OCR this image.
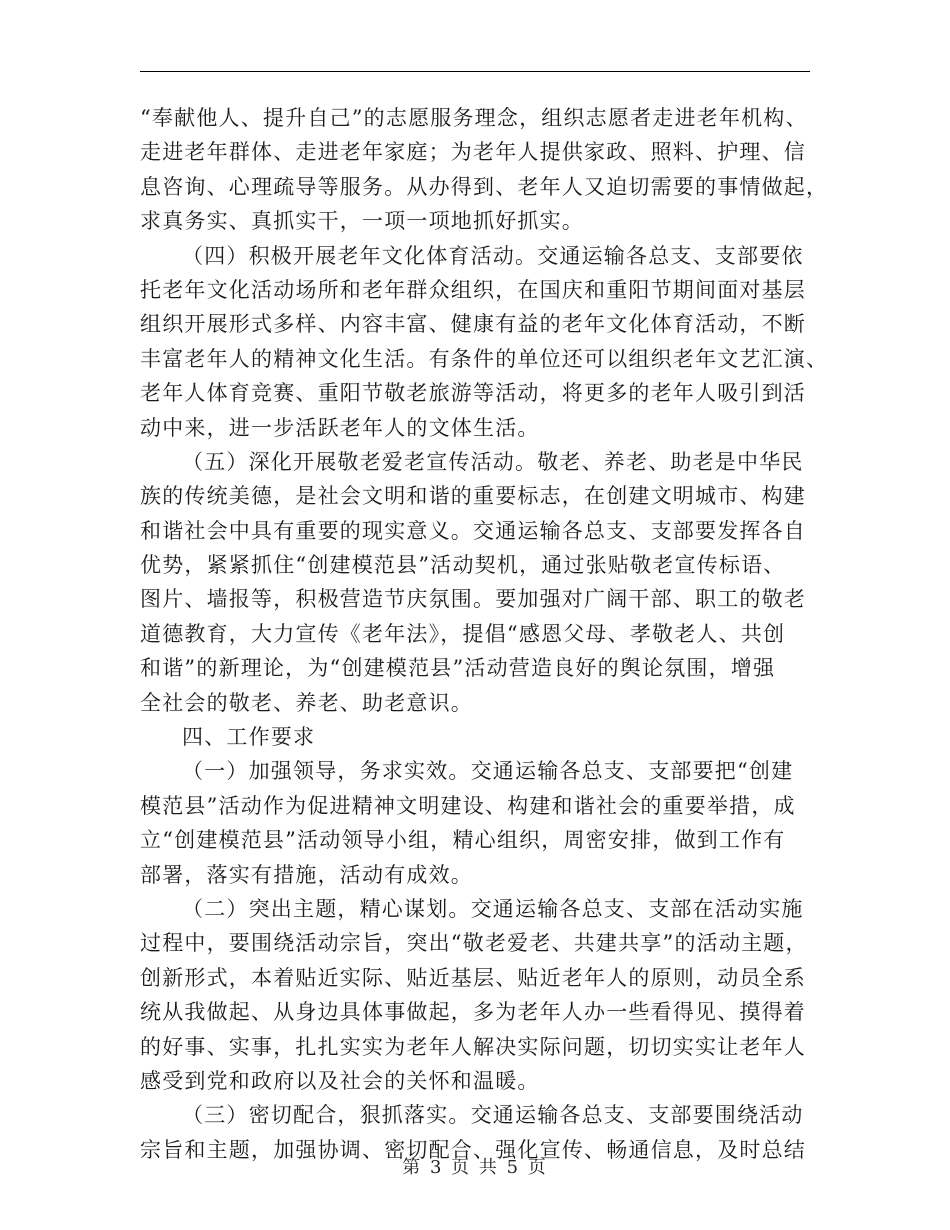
“奉献他人、提升自己”的志愿服务理念，组织志愿者走进老年机构、
走进老年群体、走进老年家庭；为老年人提供家政、照料、护理、信
息咨询、心理疏导等服务。从办得到、老年人又迫切需要的事情做起，
求真务实、真抓实干，一项一项地抓好抓实。
（四）积极开展老年文化体育活动。交通运输各总支、支部要依
托老年文化活动场所和老年群众组织，在国庆和重阳节期间面对基层
组织开展形式多样、内容丰富、健康有益的老年文化体育活动，不断
丰富老年人的精神文化生活。有条件的单位还可以组织老年文艺汇演、
老年人体育竞赛、重阳节敬老旅游等活动，将更多的老年人吸引到活
动中来，进一步活跃老年人的文体生活。
（五）深化开展敬老爱老宣传活动。敬老、养老、助老是中华民
族的传统美德，是社会文明和谐的重要标志，在创建文明城市、构建
和谐社会中具有重要的现实意义。交通运输各总支、支部要发挥各自
优势，紧紧抓住“创建模范县”活动契机，通过张贴敬老宣传标语、
图片、墙报等，积极营造节庆氛围。要加强对广阔干部、职工的敬老
道德教育，大力宣传《老年法》，提倡“感恩父母、孝敬老人、共创
和谐”的新理论，为“创建模范县”活动营造良好的舆论氛围，增强
全社会的敬老、养老、助老意识。
四、工作要求
（一）加强领导，务求实效。交通运输各总支、支部要把“创建
模范县”活动作为促进精神文明建设、构建和谐社会的重要举措，成
立“创建模范县”活动领导小组，精心组织，周密安排，做到工作有
部署，落实有措施，活动有成效。
（二）突出主题，精心谋划。交通运输各总支、支部在活动实施
过程中，要围绕活动宗旨，突出“敬老爱老、共建共享”的活动主题，
创新形式，本着贴近实际、贴近基层、贴近老年人的原则，动员全系
统从我做起、从身边具体事做起，多为老年人办一些看得见、摸得着
的好事、实事，扎扎实实为老年人解决实际问题，切切实实让老年人
感受到党和政府以及社会的关怀和温暖。
（三）密切配合，狠抓落实。交通运输各总支、支部要围绕活动
宗旨和主题，加强协调、密切配合、强化宣传、畅通信息，及时总结
第 3 页 共 5 页
